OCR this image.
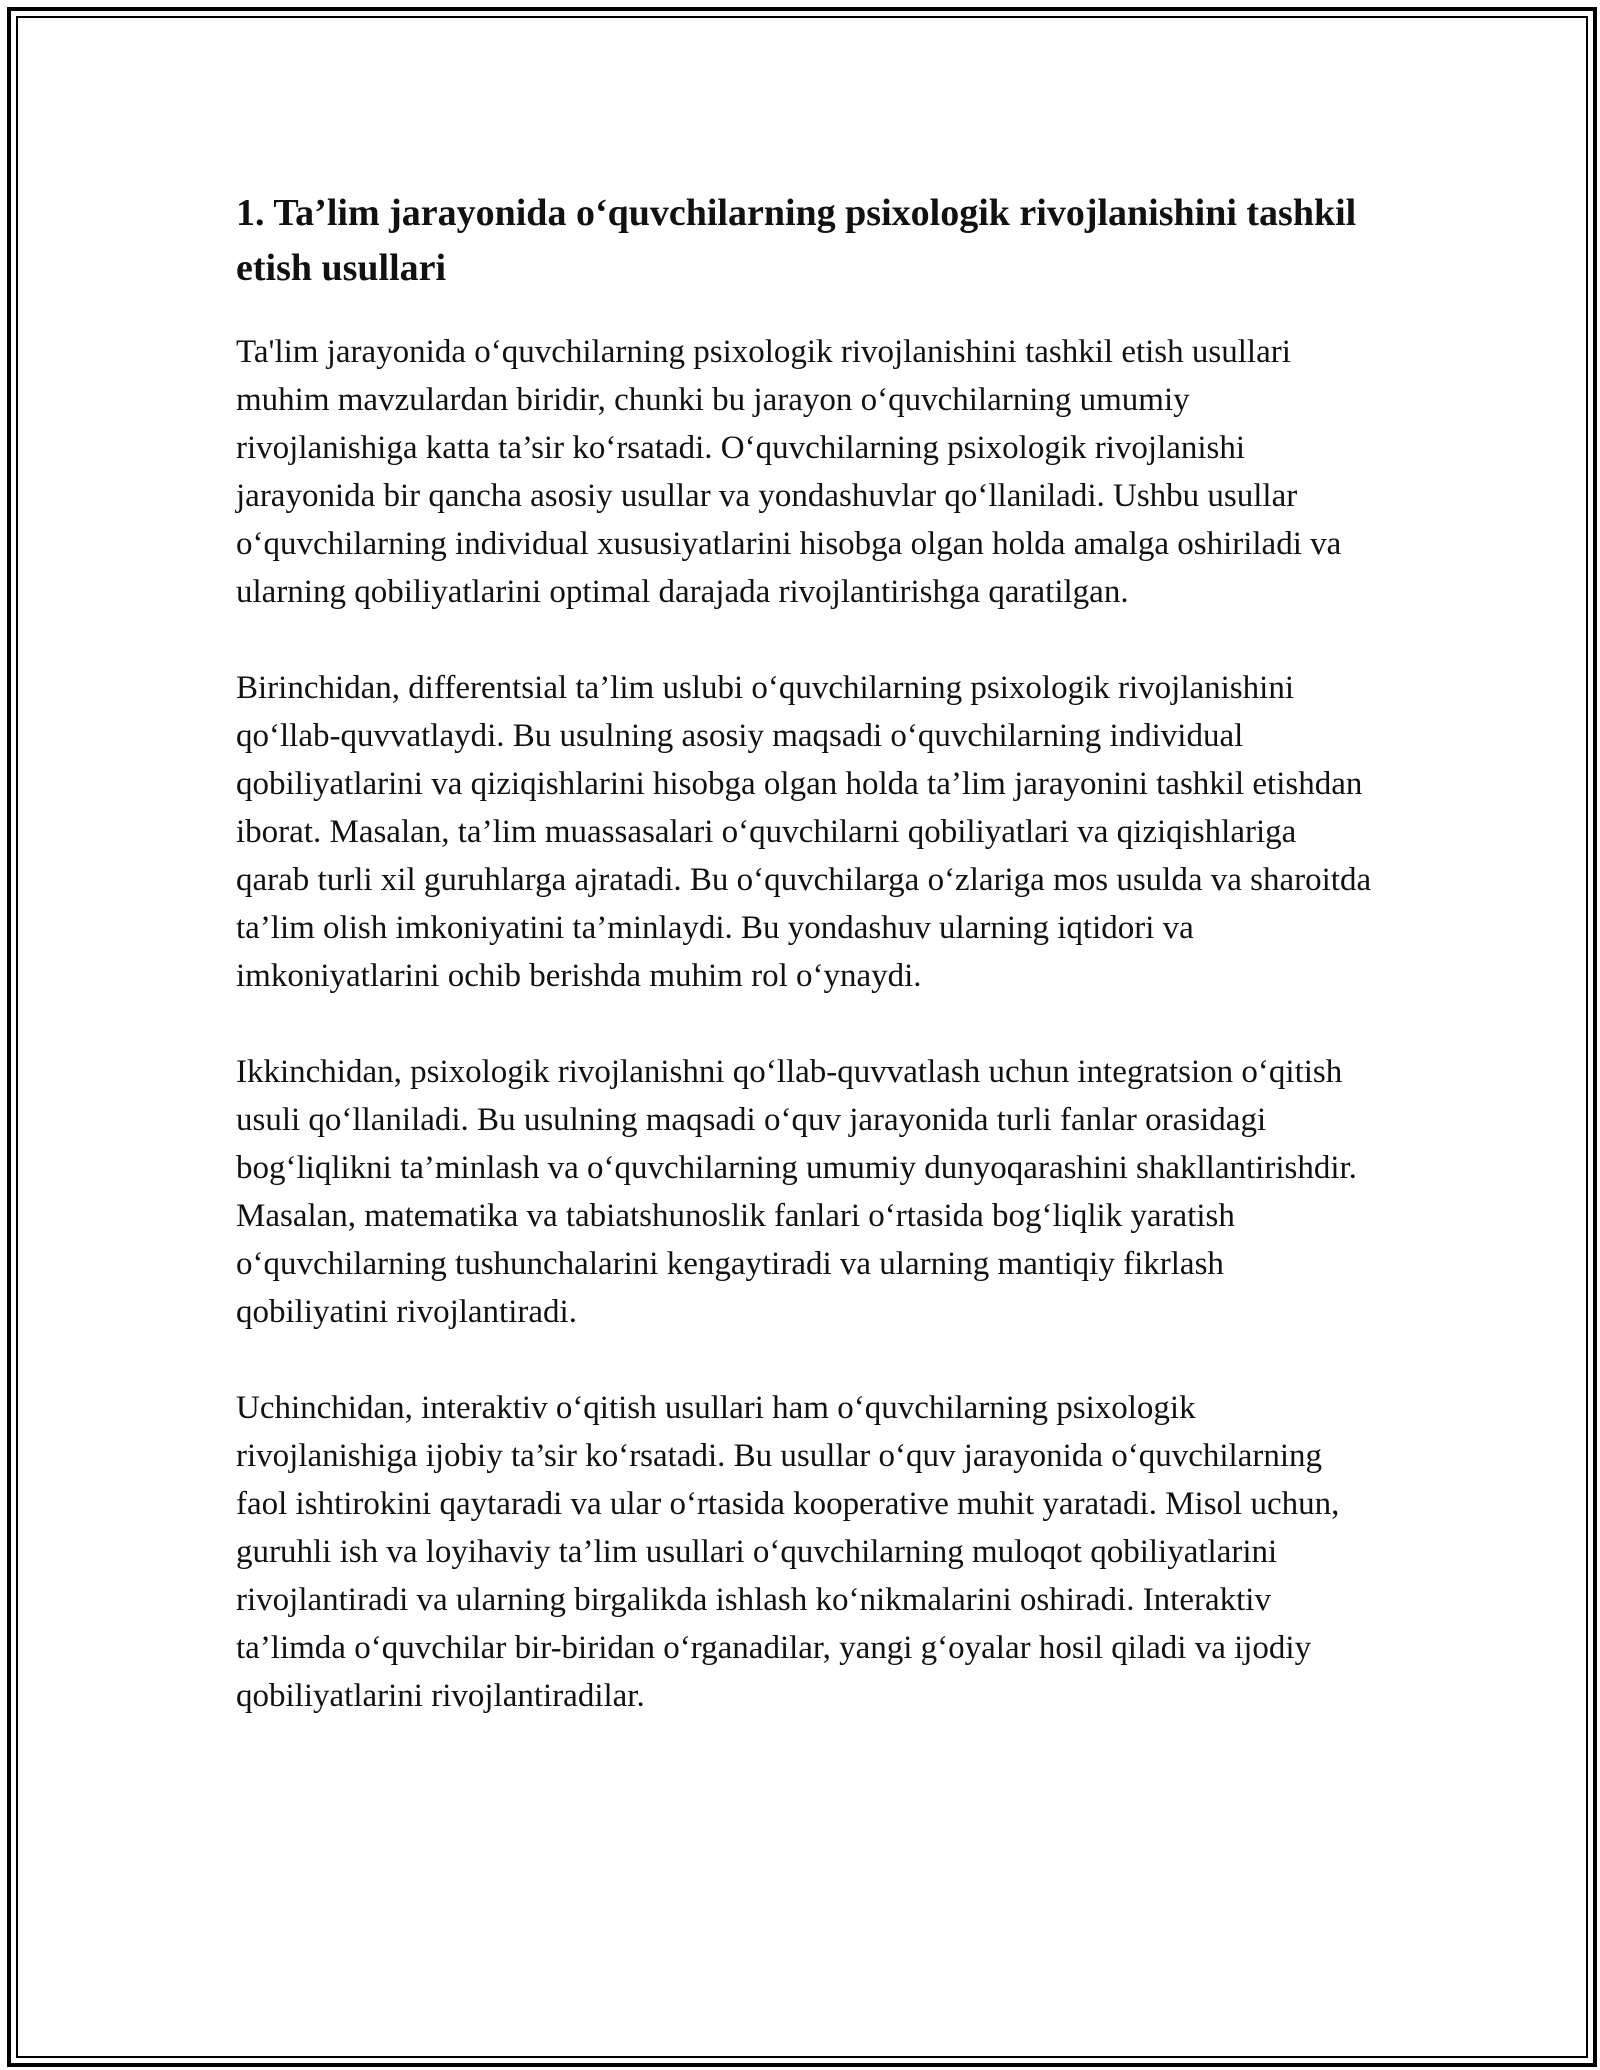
1. Ta’lim jarayonida o‘quvchilarning psixologik rivojlanishini tashkil etish usullari

Ta'lim jarayonida o‘quvchilarning psixologik rivojlanishini tashkil etish usullari muhim mavzulardan biridir, chunki bu jarayon o‘quvchilarning umumiy rivojlanishiga katta ta’sir ko‘rsatadi. O‘quvchilarning psixologik rivojlanishi jarayonida bir qancha asosiy usullar va yondashuvlar qo‘llaniladi. Ushbu usullar o‘quvchilarning individual xususiyatlarini hisobga olgan holda amalga oshiriladi va ularning qobiliyatlarini optimal darajada rivojlantirishga qaratilgan.

Birinchidan, differentsial ta’lim uslubi o‘quvchilarning psixologik rivojlanishini qo‘llab-quvvatlaydi. Bu usulning asosiy maqsadi o‘quvchilarning individual qobiliyatlarini va qiziqishlarini hisobga olgan holda ta’lim jarayonini tashkil etishdan iborat. Masalan, ta’lim muassasalari o‘quvchilarni qobiliyatlari va qiziqishlariga qarab turli xil guruhlarga ajratadi. Bu o‘quvchilarga o‘zlariga mos usulda va sharoitda ta’lim olish imkoniyatini ta’minlaydi. Bu yondashuv ularning iqtidori va imkoniyatlarini ochib berishda muhim rol o‘ynaydi.

Ikkinchidan, psixologik rivojlanishni qo‘llab-quvvatlash uchun integratsion o‘qitish usuli qo‘llaniladi. Bu usulning maqsadi o‘quv jarayonida turli fanlar orasidagi bog‘liqlikni ta’minlash va o‘quvchilarning umumiy dunyoqarashini shakllantirishdir. Masalan, matematika va tabiatshunoslik fanlari o‘rtasida bog‘liqlik yaratish o‘quvchilarning tushunchalarini kengaytiradi va ularning mantiqiy fikrlash qobiliyatini rivojlantiradi.

Uchinchidan, interaktiv o‘qitish usullari ham o‘quvchilarning psixologik rivojlanishiga ijobiy ta’sir ko‘rsatadi. Bu usullar o‘quv jarayonida o‘quvchilarning faol ishtirokini qaytaradi va ular o‘rtasida kooperative muhit yaratadi. Misol uchun, guruhli ish va loyihaviy ta’lim usullari o‘quvchilarning muloqot qobiliyatlarini rivojlantiradi va ularning birgalikda ishlash ko‘nikmalarini oshiradi. Interaktiv ta’limda o‘quvchilar bir-biridan o‘rganadilar, yangi g‘oyalar hosil qiladi va ijodiy qobiliyatlarini rivojlantiradilar.
